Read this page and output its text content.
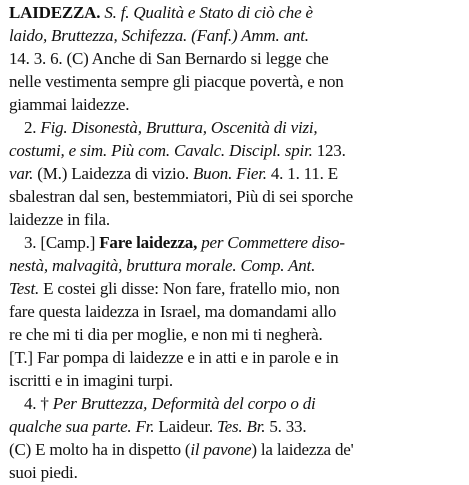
LAIDEZZA. S. f. Qualità e Stato di ciò che è
laido, Bruttezza, Schifezza. (Fanf.) Amm. ant.
14. 3. 6. (C) Anche di San Bernardo si legge che
nelle vestimenta sempre gli piacque povertà, e non
giammai laidezze.
2. Fig. Disonestà, Bruttura, Oscenità di vizi,
costumi, e sim. Più com. Cavalc. Discipl. spir. 123.
var. (M.) Laidezza di vizio. Buon. Fier. 4. 1. 11. E
sbalestran dal sen, bestemmiatori, Più di sei sporche
laidezze in fila.
3. [Camp.] Fare laidezza, per Commettere diso-
nestà, malvagità, bruttura morale. Comp. Ant.
Test. E costei gli disse: Non fare, fratello mio, non
fare questa laidezza in Israel, ma domandami allo
re che mi ti dia per moglie, e non mi ti negherà.
[T.] Far pompa di laidezze e in atti e in parole e in
iscritti e in imagini turpi.
4. † Per Bruttezza, Deformità del corpo o di
qualche sua parte. Fr. Laideur. Tes. Br. 5. 33.
(C) E molto ha in dispetto (il pavone) la laidezza de'
suoi piedi.
